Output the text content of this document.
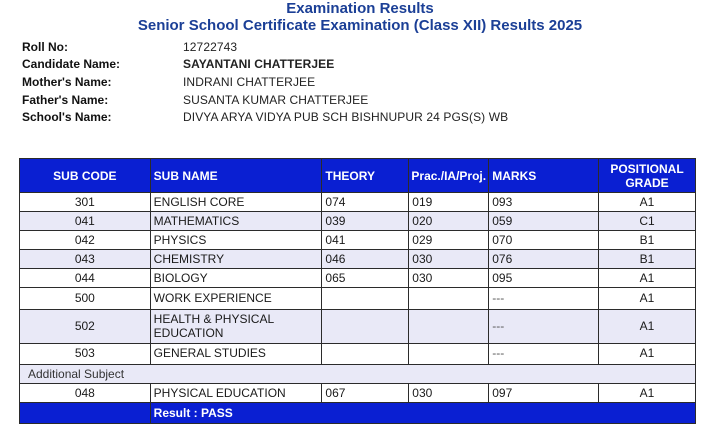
Examination Results
Senior School Certificate Examination (Class XII) Results 2025
Roll No:	12722743
Candidate Name:	SAYANTANI CHATTERJEE
Mother's Name:	INDRANI CHATTERJEE
Father's Name:	SUSANTA KUMAR CHATTERJEE
School's Name:	DIVYA ARYA VIDYA PUB SCH BISHNUPUR 24 PGS(S) WB
SUB CODE	SUB NAME	THEORY	Prac./IA/Proj.	MARKS	POSITIONAL GRADE
301	ENGLISH CORE	074	019	093	A1
041	MATHEMATICS	039	020	059	C1
042	PHYSICS	041	029	070	B1
043	CHEMISTRY	046	030	076	B1
044	BIOLOGY	065	030	095	A1
500	WORK EXPERIENCE			---	A1
502	HEALTH & PHYSICAL EDUCATION			---	A1
503	GENERAL STUDIES			---	A1
Additional Subject					
048	PHYSICAL EDUCATION	067	030	097	A1
	Result : PASS				
